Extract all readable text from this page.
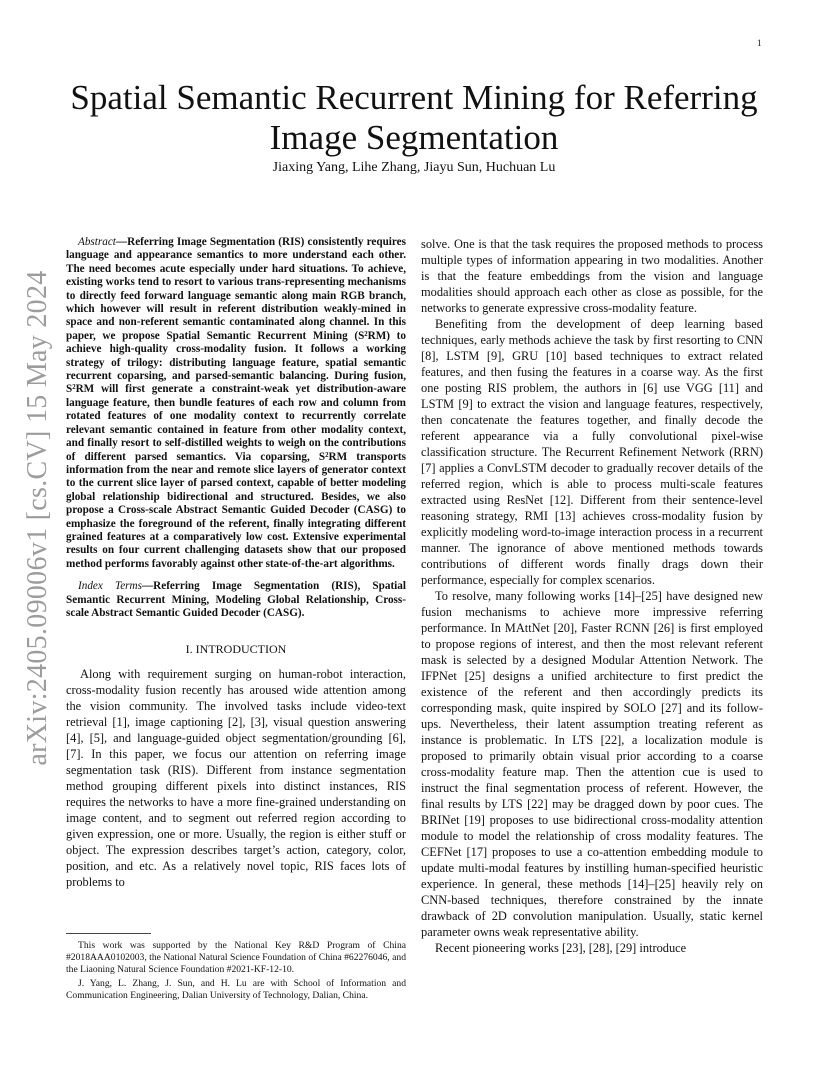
1
arXiv:2405.09006v1 [cs.CV] 15 May 2024
Spatial Semantic Recurrent Mining for Referring Image Segmentation
Jiaxing Yang, Lihe Zhang, Jiayu Sun, Huchuan Lu

Abstract—Referring Image Segmentation (RIS) consistently requires language and appearance semantics to more understand each other. The need becomes acute especially under hard situations. To achieve, existing works tend to resort to various trans-representing mechanisms to directly feed forward language semantic along main RGB branch, which however will result in referent distribution weakly-mined in space and non-referent semantic contaminated along channel. In this paper, we propose Spatial Semantic Recurrent Mining (S²RM) to achieve high-quality cross-modality fusion. It follows a working strategy of trilogy: distributing language feature, spatial semantic recurrent coparsing, and parsed-semantic balancing. During fusion, S²RM will first generate a constraint-weak yet distribution-aware language feature, then bundle features of each row and column from rotated features of one modality context to recurrently correlate relevant semantic contained in feature from other modality context, and finally resort to self-distilled weights to weigh on the contributions of different parsed semantics. Via coparsing, S²RM transports information from the near and remote slice layers of generator context to the current slice layer of parsed context, capable of better modeling global relationship bidirectional and structured. Besides, we also propose a Cross-scale Abstract Semantic Guided Decoder (CASG) to emphasize the foreground of the referent, finally integrating different grained features at a comparatively low cost. Extensive experimental results on four current challenging datasets show that our proposed method performs favorably against other state-of-the-art algorithms.

Index Terms—Referring Image Segmentation (RIS), Spatial Semantic Recurrent Mining, Modeling Global Relationship, Cross-scale Abstract Semantic Guided Decoder (CASG).

I. INTRODUCTION

Along with requirement surging on human-robot interaction, cross-modality fusion recently has aroused wide attention among the vision community. The involved tasks include video-text retrieval [1], image captioning [2], [3], visual question answering [4], [5], and language-guided object segmentation/grounding [6], [7]. In this paper, we focus our attention on referring image segmentation task (RIS). Different from instance segmentation method grouping different pixels into distinct instances, RIS requires the networks to have a more fine-grained understanding on image content, and to segment out referred region according to given expression, one or more. Usually, the region is either stuff or object. The expression describes target’s action, category, color, position, and etc. As a relatively novel topic, RIS faces lots of problems to

This work was supported by the National Key R&D Program of China #2018AAA0102003, the National Natural Science Foundation of China #62276046, and the Liaoning Natural Science Foundation #2021-KF-12-10.

J. Yang, L. Zhang, J. Sun, and H. Lu are with School of Information and Communication Engineering, Dalian University of Technology, Dalian, China.

solve. One is that the task requires the proposed methods to process multiple types of information appearing in two modalities. Another is that the feature embeddings from the vision and language modalities should approach each other as close as possible, for the networks to generate expressive cross-modality feature.

Benefiting from the development of deep learning based techniques, early methods achieve the task by first resorting to CNN [8], LSTM [9], GRU [10] based techniques to extract related features, and then fusing the features in a coarse way. As the first one posting RIS problem, the authors in [6] use VGG [11] and LSTM [9] to extract the vision and language features, respectively, then concatenate the features together, and finally decode the referent appearance via a fully convolutional pixel-wise classification structure. The Recurrent Refinement Network (RRN) [7] applies a ConvLSTM decoder to gradually recover details of the referred region, which is able to process multi-scale features extracted using ResNet [12]. Different from their sentence-level reasoning strategy, RMI [13] achieves cross-modality fusion by explicitly modeling word-to-image interaction process in a recurrent manner. The ignorance of above mentioned methods towards contributions of different words finally drags down their performance, especially for complex scenarios.

To resolve, many following works [14]–[25] have designed new fusion mechanisms to achieve more impressive referring performance. In MAttNet [20], Faster RCNN [26] is first employed to propose regions of interest, and then the most relevant referent mask is selected by a designed Modular Attention Network. The IFPNet [25] designs a unified architecture to first predict the existence of the referent and then accordingly predicts its corresponding mask, quite inspired by SOLO [27] and its follow-ups. Nevertheless, their latent assumption treating referent as instance is problematic. In LTS [22], a localization module is proposed to primarily obtain visual prior according to a coarse cross-modality feature map. Then the attention cue is used to instruct the final segmentation process of referent. However, the final results by LTS [22] may be dragged down by poor cues. The BRINet [19] proposes to use bidirectional cross-modality attention module to model the relationship of cross modality features. The CEFNet [17] proposes to use a co-attention embedding module to update multi-modal features by instilling human-specified heuristic experience. In general, these methods [14]–[25] heavily rely on CNN-based techniques, therefore constrained by the innate drawback of 2D convolution manipulation. Usually, static kernel parameter owns weak representative ability.

Recent pioneering works [23], [28], [29] introduce
